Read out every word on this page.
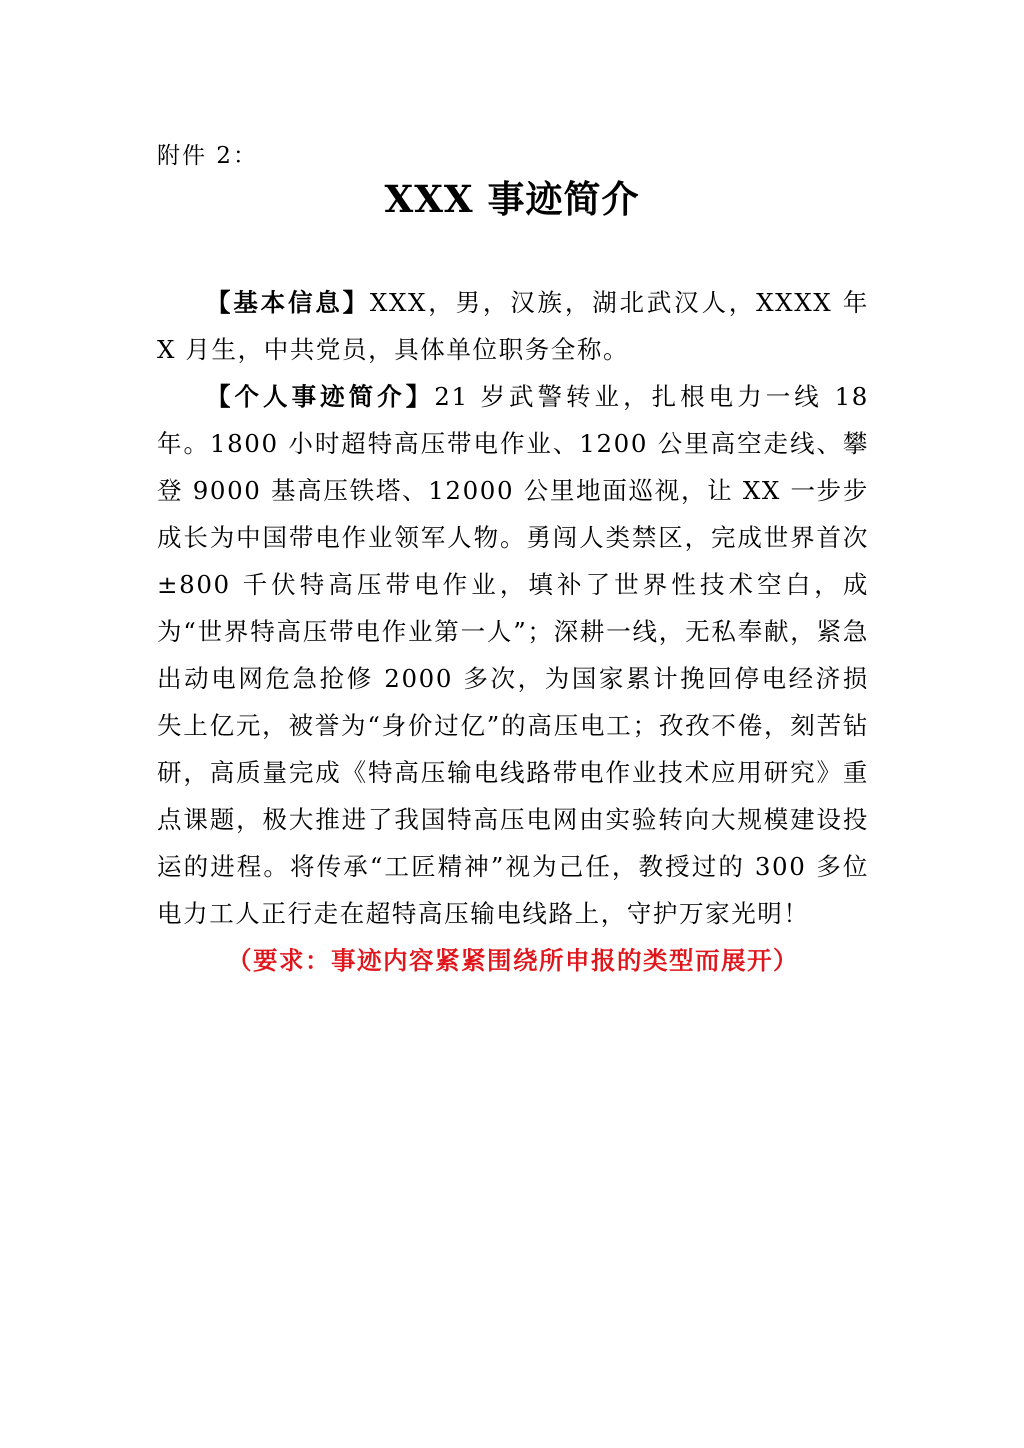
附件 2：
XXX 事迹简介

【基本信息】XXX，男，汉族，湖北武汉人，XXXX 年 X 月生，中共党员，具体单位职务全称。

【个人事迹简介】21 岁武警转业，扎根电力一线 18 年。1800 小时超特高压带电作业、1200 公里高空走线、攀登 9000 基高压铁塔、12000 公里地面巡视，让 XX 一步步成长为中国带电作业领军人物。勇闯人类禁区，完成世界首次±800 千伏特高压带电作业，填补了世界性技术空白，成为“世界特高压带电作业第一人”；深耕一线，无私奉献，紧急出动电网危急抢修 2000 多次，为国家累计挽回停电经济损失上亿元，被誉为“身价过亿”的高压电工；孜孜不倦，刻苦钻研，高质量完成《特高压输电线路带电作业技术应用研究》重点课题，极大推进了我国特高压电网由实验转向大规模建设投运的进程。将传承“工匠精神”视为己任，教授过的 300 多位电力工人正行走在超特高压输电线路上，守护万家光明！

（要求：事迹内容紧紧围绕所申报的类型而展开）
